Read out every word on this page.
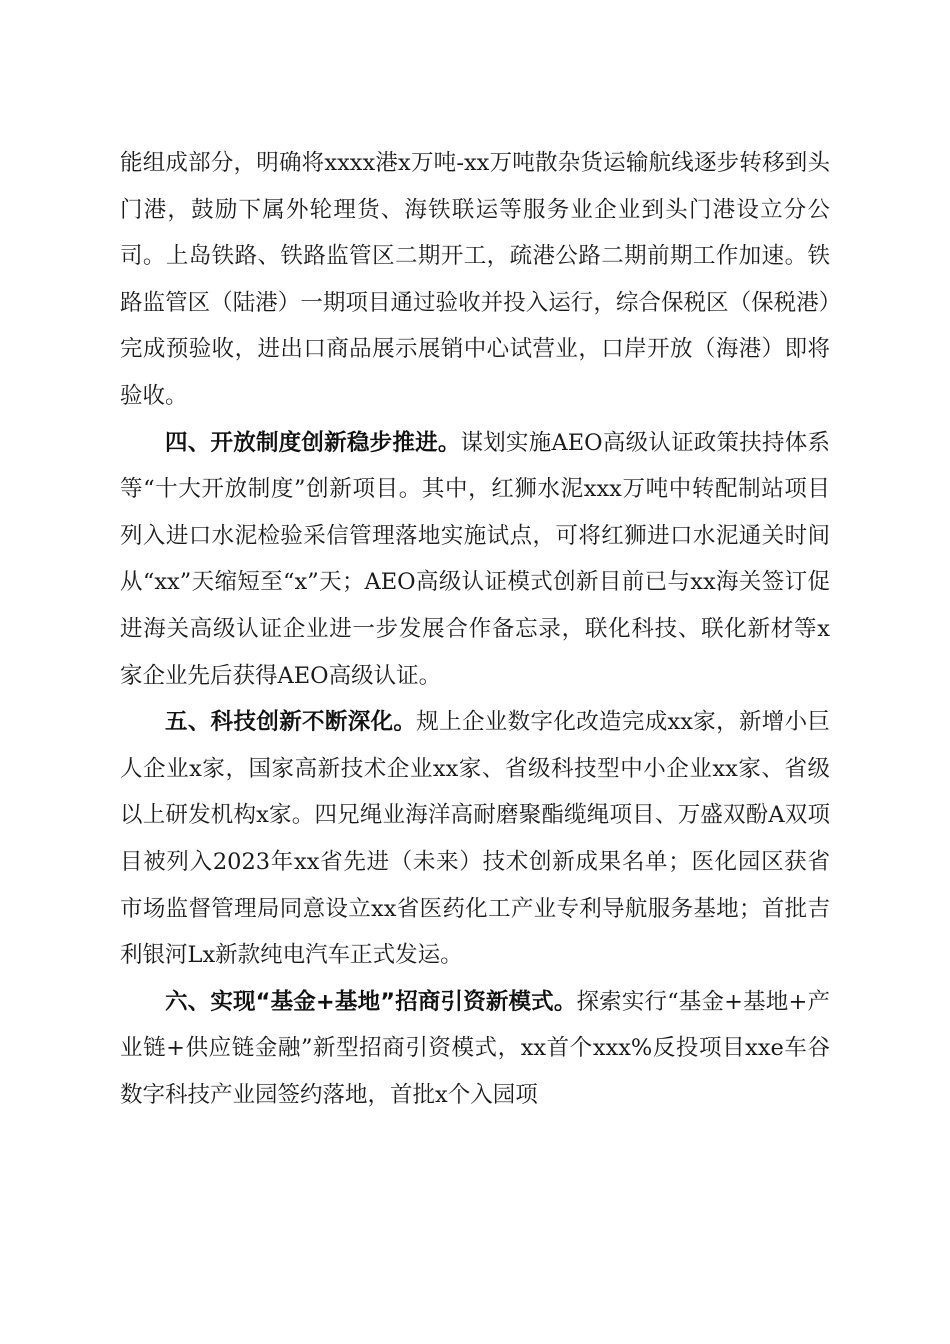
能组成部分，明确将xxxx港x万吨-xx万吨散杂货运输航线逐步转移到头门港，鼓励下属外轮理货、海铁联运等服务业企业到头门港设立分公司。上岛铁路、铁路监管区二期开工，疏港公路二期前期工作加速。铁路监管区（陆港）一期项目通过验收并投入运行，综合保税区（保税港）完成预验收，进出口商品展示展销中心试营业，口岸开放（海港）即将验收。

四、开放制度创新稳步推进。谋划实施AEO高级认证政策扶持体系等“十大开放制度”创新项目。其中，红狮水泥xxx万吨中转配制站项目列入进口水泥检验采信管理落地实施试点，可将红狮进口水泥通关时间从“xx”天缩短至“x”天；AEO高级认证模式创新目前已与xx海关签订促进海关高级认证企业进一步发展合作备忘录，联化科技、联化新材等x家企业先后获得AEO高级认证。

五、科技创新不断深化。规上企业数字化改造完成xx家，新增小巨人企业x家，国家高新技术企业xx家、省级科技型中小企业xx家、省级以上研发机构x家。四兄绳业海洋高耐磨聚酯缆绳项目、万盛双酚A双项目被列入2023年xx省先进（未来）技术创新成果名单；医化园区获省市场监督管理局同意设立xx省医药化工产业专利导航服务基地；首批吉利银河Lx新款纯电汽车正式发运。

六、实现“基金+基地”招商引资新模式。探索实行“基金+基地+产业链+供应链金融”新型招商引资模式，xx首个xxx%反投项目xxe车谷数字科技产业园签约落地，首批x个入园项
